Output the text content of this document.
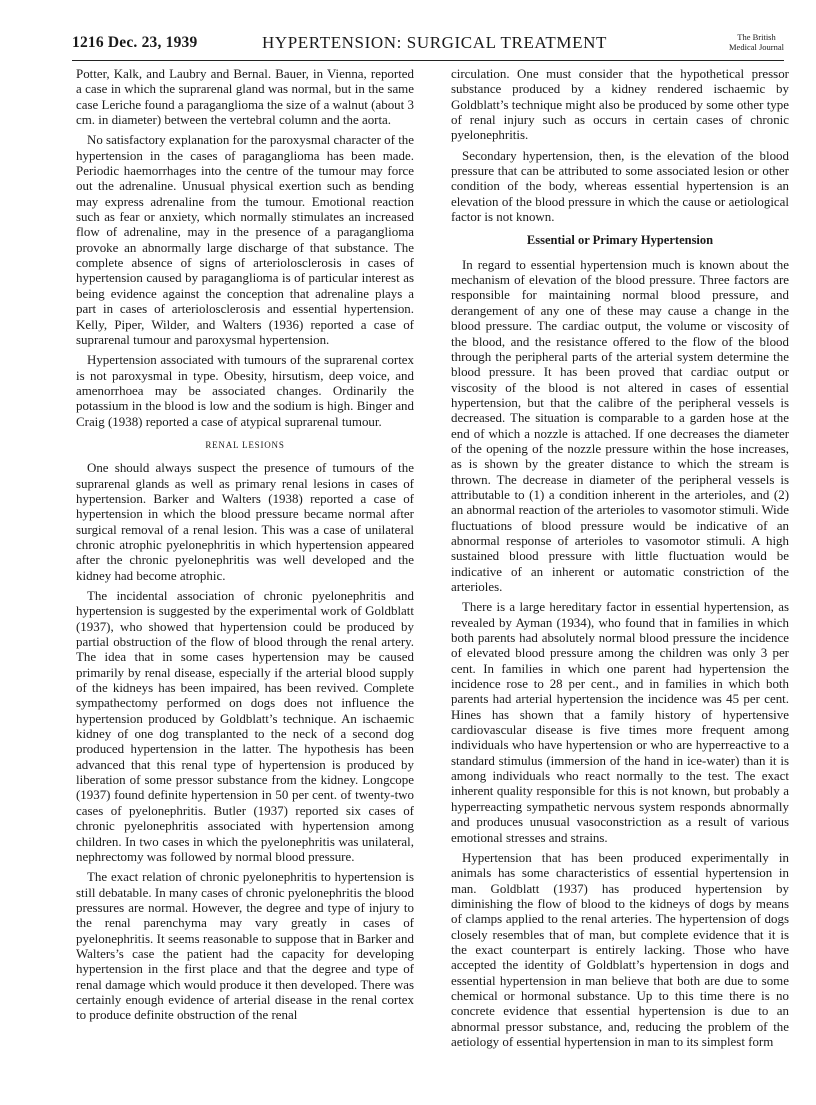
1216 Dec. 23, 1939	HYPERTENSION: SURGICAL TREATMENT	The British
Medical Journal

Potter, Kalk, and Laubry and Bernal. Bauer, in Vienna, reported a case in which the suprarenal gland was normal, but in the same case Leriche found a paraganglioma the size of a walnut (about 3 cm. in diameter) between the vertebral column and the aorta.

No satisfactory explanation for the paroxysmal character of the hypertension in the cases of paraganglioma has been made. Periodic haemorrhages into the centre of the tumour may force out the adrenaline. Unusual physical exertion such as bending may express adrenaline from the tumour. Emotional reaction such as fear or anxiety, which normally stimulates an increased flow of adrenaline, may in the presence of a paraganglioma provoke an abnormally large discharge of that substance. The complete absence of signs of arteriolosclerosis in cases of hypertension caused by paraganglioma is of particular interest as being evidence against the conception that adrenaline plays a part in cases of arteriolosclerosis and essential hypertension. Kelly, Piper, Wilder, and Walters (1936) reported a case of suprarenal tumour and paroxysmal hypertension.

Hypertension associated with tumours of the suprarenal cortex is not paroxysmal in type. Obesity, hirsutism, deep voice, and amenorrhoea may be associated changes. Ordinarily the potassium in the blood is low and the sodium is high. Binger and Craig (1938) reported a case of atypical suprarenal tumour.

RENAL LESIONS

One should always suspect the presence of tumours of the suprarenal glands as well as primary renal lesions in cases of hypertension. Barker and Walters (1938) reported a case of hypertension in which the blood pressure became normal after surgical removal of a renal lesion. This was a case of unilateral chronic atrophic pyelonephritis in which hypertension appeared after the chronic pyelonephritis was well developed and the kidney had become atrophic.

The incidental association of chronic pyelonephritis and hypertension is suggested by the experimental work of Goldblatt (1937), who showed that hypertension could be produced by partial obstruction of the flow of blood through the renal artery. The idea that in some cases hypertension may be caused primarily by renal disease, especially if the arterial blood supply of the kidneys has been impaired, has been revived. Complete sympathectomy performed on dogs does not influence the hypertension produced by Goldblatt’s technique. An ischaemic kidney of one dog transplanted to the neck of a second dog produced hypertension in the latter. The hypothesis has been advanced that this renal type of hypertension is produced by liberation of some pressor substance from the kidney. Longcope (1937) found definite hypertension in 50 per cent. of twenty-two cases of pyelonephritis. Butler (1937) reported six cases of chronic pyelonephritis associated with hypertension among children. In two cases in which the pyelonephritis was unilateral, nephrectomy was followed by normal blood pressure.

The exact relation of chronic pyelonephritis to hypertension is still debatable. In many cases of chronic pyelonephritis the blood pressures are normal. However, the degree and type of injury to the renal parenchyma may vary greatly in cases of pyelonephritis. It seems reasonable to suppose that in Barker and Walters’s case the patient had the capacity for developing hypertension in the first place and that the degree and type of renal damage which would produce it then developed. There was certainly enough evidence of arterial disease in the renal cortex to produce definite obstruction of the renal

circulation. One must consider that the hypothetical pressor substance produced by a kidney rendered ischaemic by Goldblatt’s technique might also be produced by some other type of renal injury such as occurs in certain cases of chronic pyelonephritis.

Secondary hypertension, then, is the elevation of the blood pressure that can be attributed to some associated lesion or other condition of the body, whereas essential hypertension is an elevation of the blood pressure in which the cause or aetiological factor is not known.

Essential or Primary Hypertension

In regard to essential hypertension much is known about the mechanism of elevation of the blood pressure. Three factors are responsible for maintaining normal blood pressure, and derangement of any one of these may cause a change in the blood pressure. The cardiac output, the volume or viscosity of the blood, and the resistance offered to the flow of the blood through the peripheral parts of the arterial system determine the blood pressure. It has been proved that cardiac output or viscosity of the blood is not altered in cases of essential hypertension, but that the calibre of the peripheral vessels is decreased. The situation is comparable to a garden hose at the end of which a nozzle is attached. If one decreases the diameter of the opening of the nozzle pressure within the hose increases, as is shown by the greater distance to which the stream is thrown. The decrease in diameter of the peripheral vessels is attributable to (1) a condition inherent in the arterioles, and (2) an abnormal reaction of the arterioles to vasomotor stimuli. Wide fluctuations of blood pressure would be indicative of an abnormal response of arterioles to vasomotor stimuli. A high sustained blood pressure with little fluctuation would be indicative of an inherent or automatic constriction of the arterioles.

There is a large hereditary factor in essential hypertension, as revealed by Ayman (1934), who found that in families in which both parents had absolutely normal blood pressure the incidence of elevated blood pressure among the children was only 3 per cent. In families in which one parent had hypertension the incidence rose to 28 per cent., and in families in which both parents had arterial hypertension the incidence was 45 per cent. Hines has shown that a family history of hypertensive cardiovascular disease is five times more frequent among individuals who have hypertension or who are hyperreactive to a standard stimulus (immersion of the hand in ice-water) than it is among individuals who react normally to the test. The exact inherent quality responsible for this is not known, but probably a hyperreacting sympathetic nervous system responds abnormally and produces unusual vasoconstriction as a result of various emotional stresses and strains.

Hypertension that has been produced experimentally in animals has some characteristics of essential hypertension in man. Goldblatt (1937) has produced hypertension by diminishing the flow of blood to the kidneys of dogs by means of clamps applied to the renal arteries. The hypertension of dogs closely resembles that of man, but complete evidence that it is the exact counterpart is entirely lacking. Those who have accepted the identity of Goldblatt’s hypertension in dogs and essential hypertension in man believe that both are due to some chemical or hormonal substance. Up to this time there is no concrete evidence that essential hypertension is due to an abnormal pressor substance, and, reducing the problem of the aetiology of essential hypertension in man to its simplest form
